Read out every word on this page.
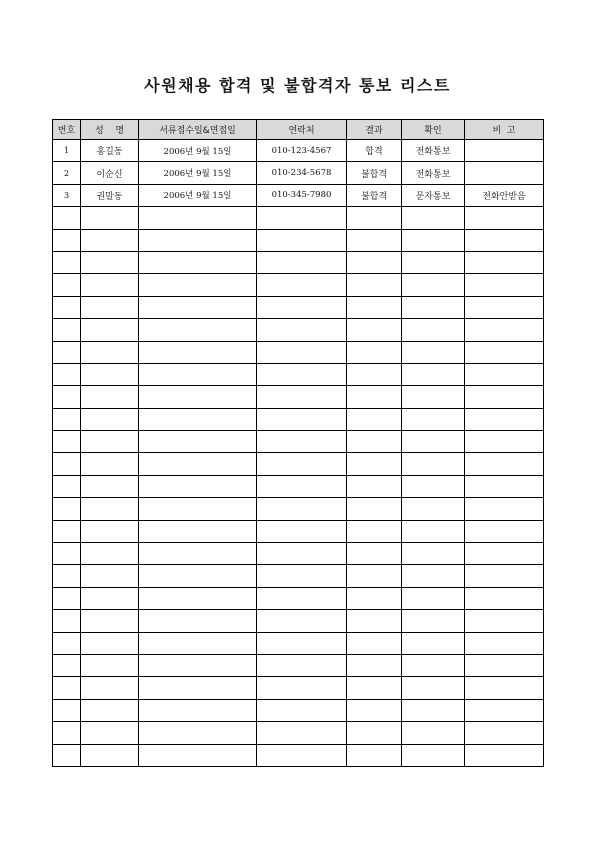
사원채용 합격 및 불합격자 통보 리스트
번호	성  명	서류접수일&면접일	연락처	결과	확인	비  고
1	홍길동	2006년 9월 15일	010-123-4567	합격	전화통보	
2	이순신	2006년 9월 15일	010-234-5678	불합격	전화통보	
3	권말동	2006년 9월 15일	010-345-7980	불합격	문자통보	전화안받음
